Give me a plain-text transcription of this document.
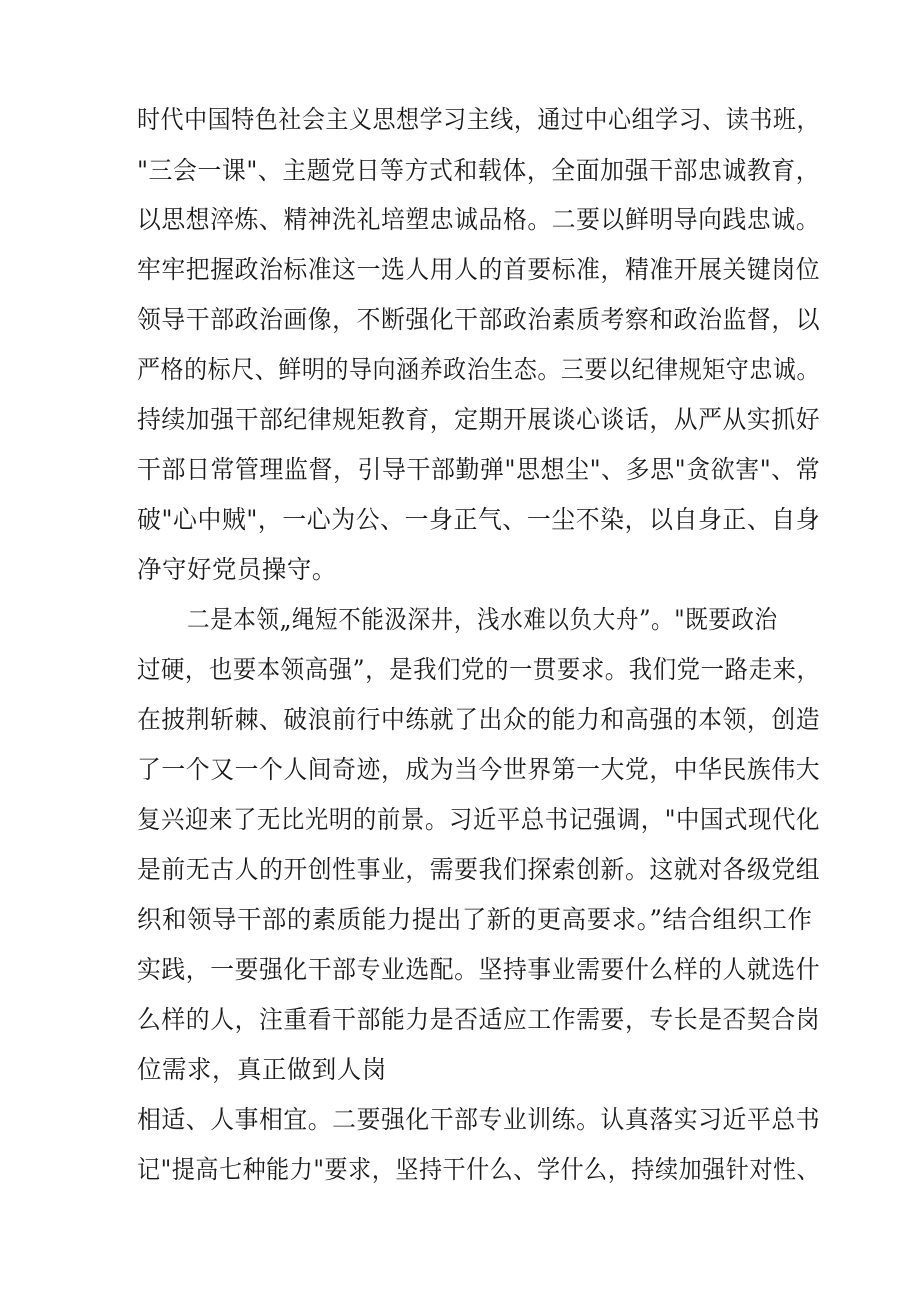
时代中国特色社会主义思想学习主线，通过中心组学习、读书班，
"三会一课"、主题党日等方式和载体，全面加强干部忠诚教育，
以思想淬炼、精神洗礼培塑忠诚品格。二要以鲜明导向践忠诚。
牢牢把握政治标准这一选人用人的首要标准，精准开展关键岗位
领导干部政治画像，不断强化干部政治素质考察和政治监督，以
严格的标尺、鲜明的导向涵养政治生态。三要以纪律规矩守忠诚。
持续加强干部纪律规矩教育，定期开展谈心谈话，从严从实抓好
干部日常管理监督，引导干部勤弹"思想尘"、多思"贪欲害"、常
破"心中贼"，一心为公、一身正气、一尘不染，以自身正、自身
净守好党员操守。
二是本领„绳短不能汲深井，浅水难以负大舟”。"既要政治
过硬，也要本领高强”，是我们党的一贯要求。我们党一路走来，
在披荆斩棘、破浪前行中练就了出众的能力和高强的本领，创造
了一个又一个人间奇迹，成为当今世界第一大党，中华民族伟大
复兴迎来了无比光明的前景。习近平总书记强调，"中国式现代化
是前无古人的开创性事业，需要我们探索创新。这就对各级党组
织和领导干部的素质能力提出了新的更高要求。”结合组织工作
实践，一要强化干部专业选配。坚持事业需要什么样的人就选什
么样的人，注重看干部能力是否适应工作需要，专长是否契合岗
位需求，真正做到人岗
相适、人事相宜。二要强化干部专业训练。认真落实习近平总书
记"提高七种能力"要求，坚持干什么、学什么，持续加强针对性、
